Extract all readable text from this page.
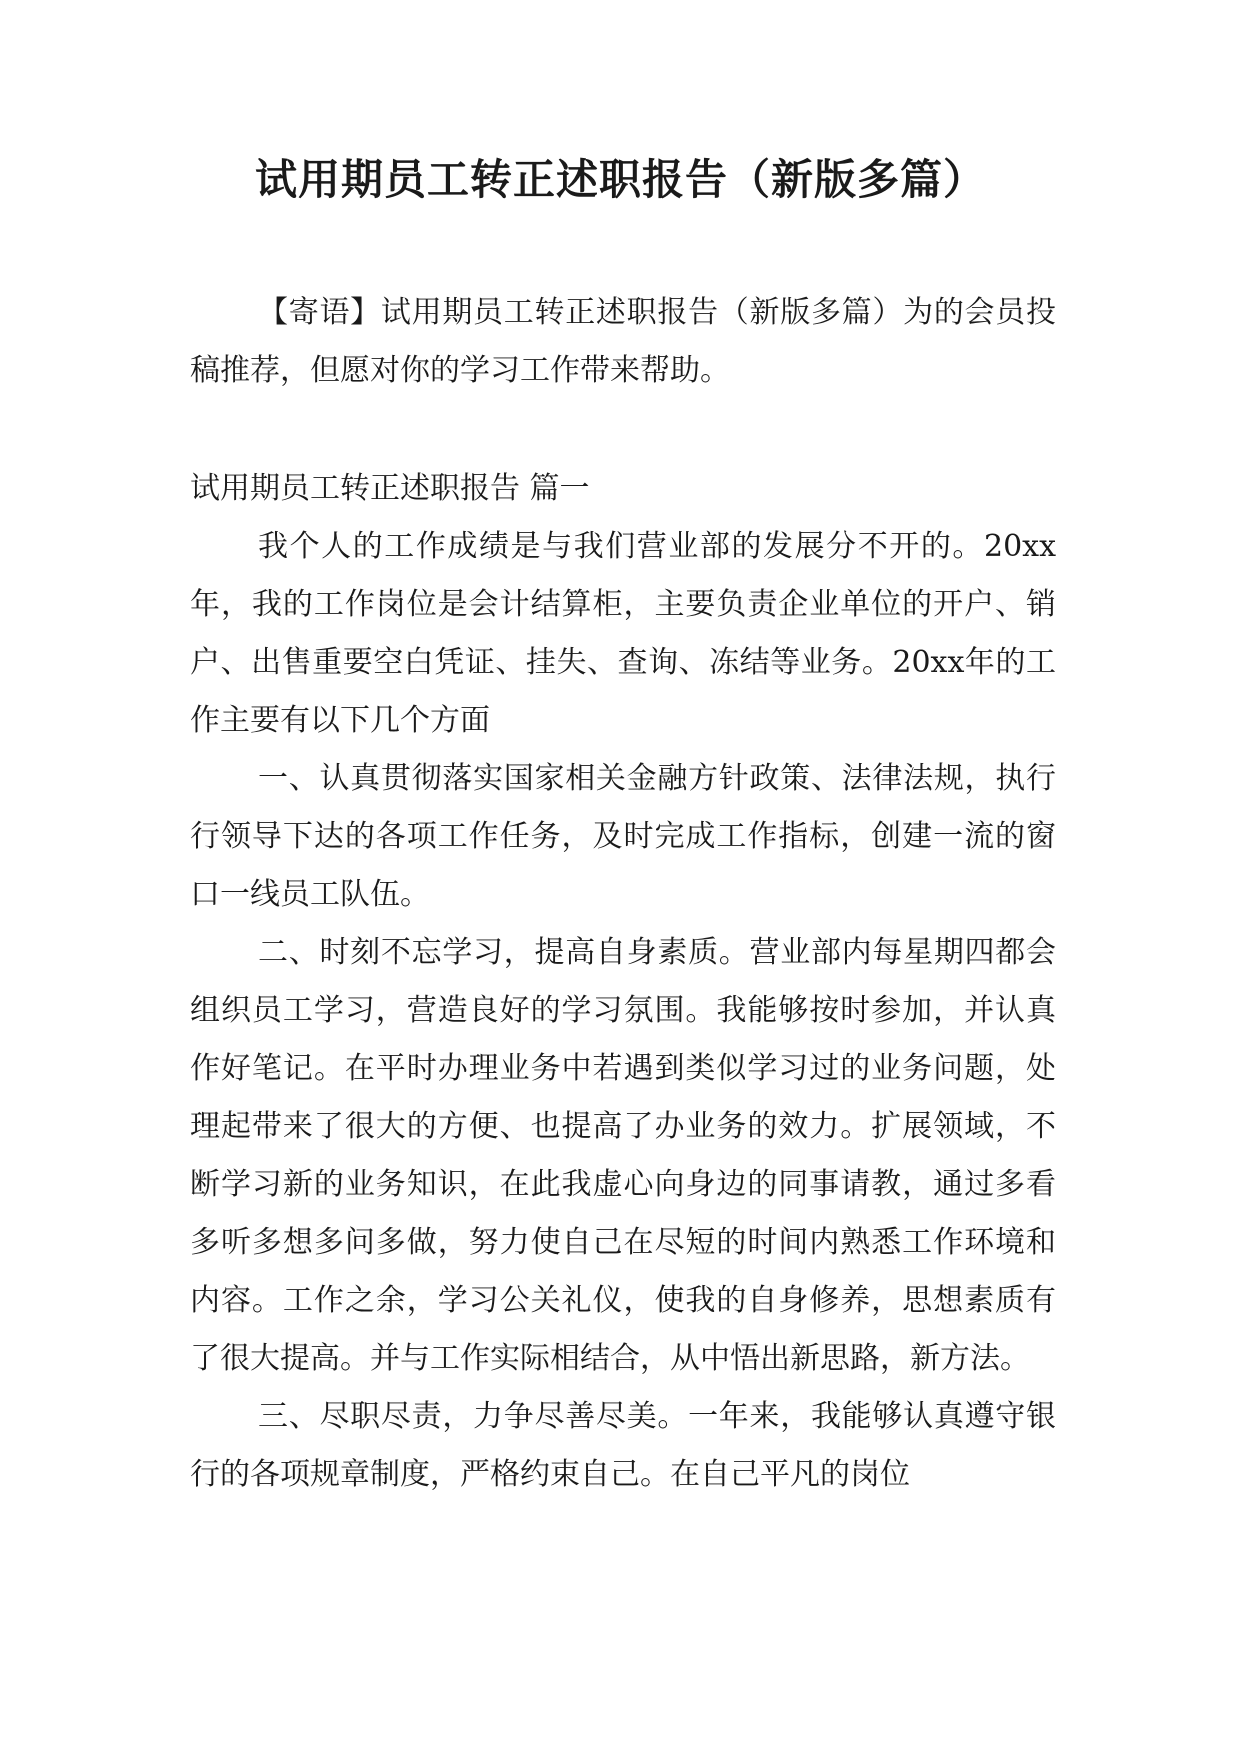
试用期员工转正述职报告（新版多篇）

【寄语】试用期员工转正述职报告（新版多篇）为的会员投稿推荐，但愿对你的学习工作带来帮助。

试用期员工转正述职报告 篇一

我个人的工作成绩是与我们营业部的发展分不开的。20xx年，我的工作岗位是会计结算柜，主要负责企业单位的开户、销户、出售重要空白凭证、挂失、查询、冻结等业务。20xx年的工作主要有以下几个方面

一、认真贯彻落实国家相关金融方针政策、法律法规，执行行领导下达的各项工作任务，及时完成工作指标，创建一流的窗口一线员工队伍。

二、时刻不忘学习，提高自身素质。营业部内每星期四都会组织员工学习，营造良好的学习氛围。我能够按时参加，并认真作好笔记。在平时办理业务中若遇到类似学习过的业务问题，处理起带来了很大的方便、也提高了办业务的效力。扩展领域，不断学习新的业务知识，在此我虚心向身边的同事请教，通过多看多听多想多问多做，努力使自己在尽短的时间内熟悉工作环境和内容。工作之余，学习公关礼仪，使我的自身修养，思想素质有了很大提高。并与工作实际相结合，从中悟出新思路，新方法。

三、尽职尽责，力争尽善尽美。一年来，我能够认真遵守银行的各项规章制度，严格约束自己。在自己平凡的岗位
